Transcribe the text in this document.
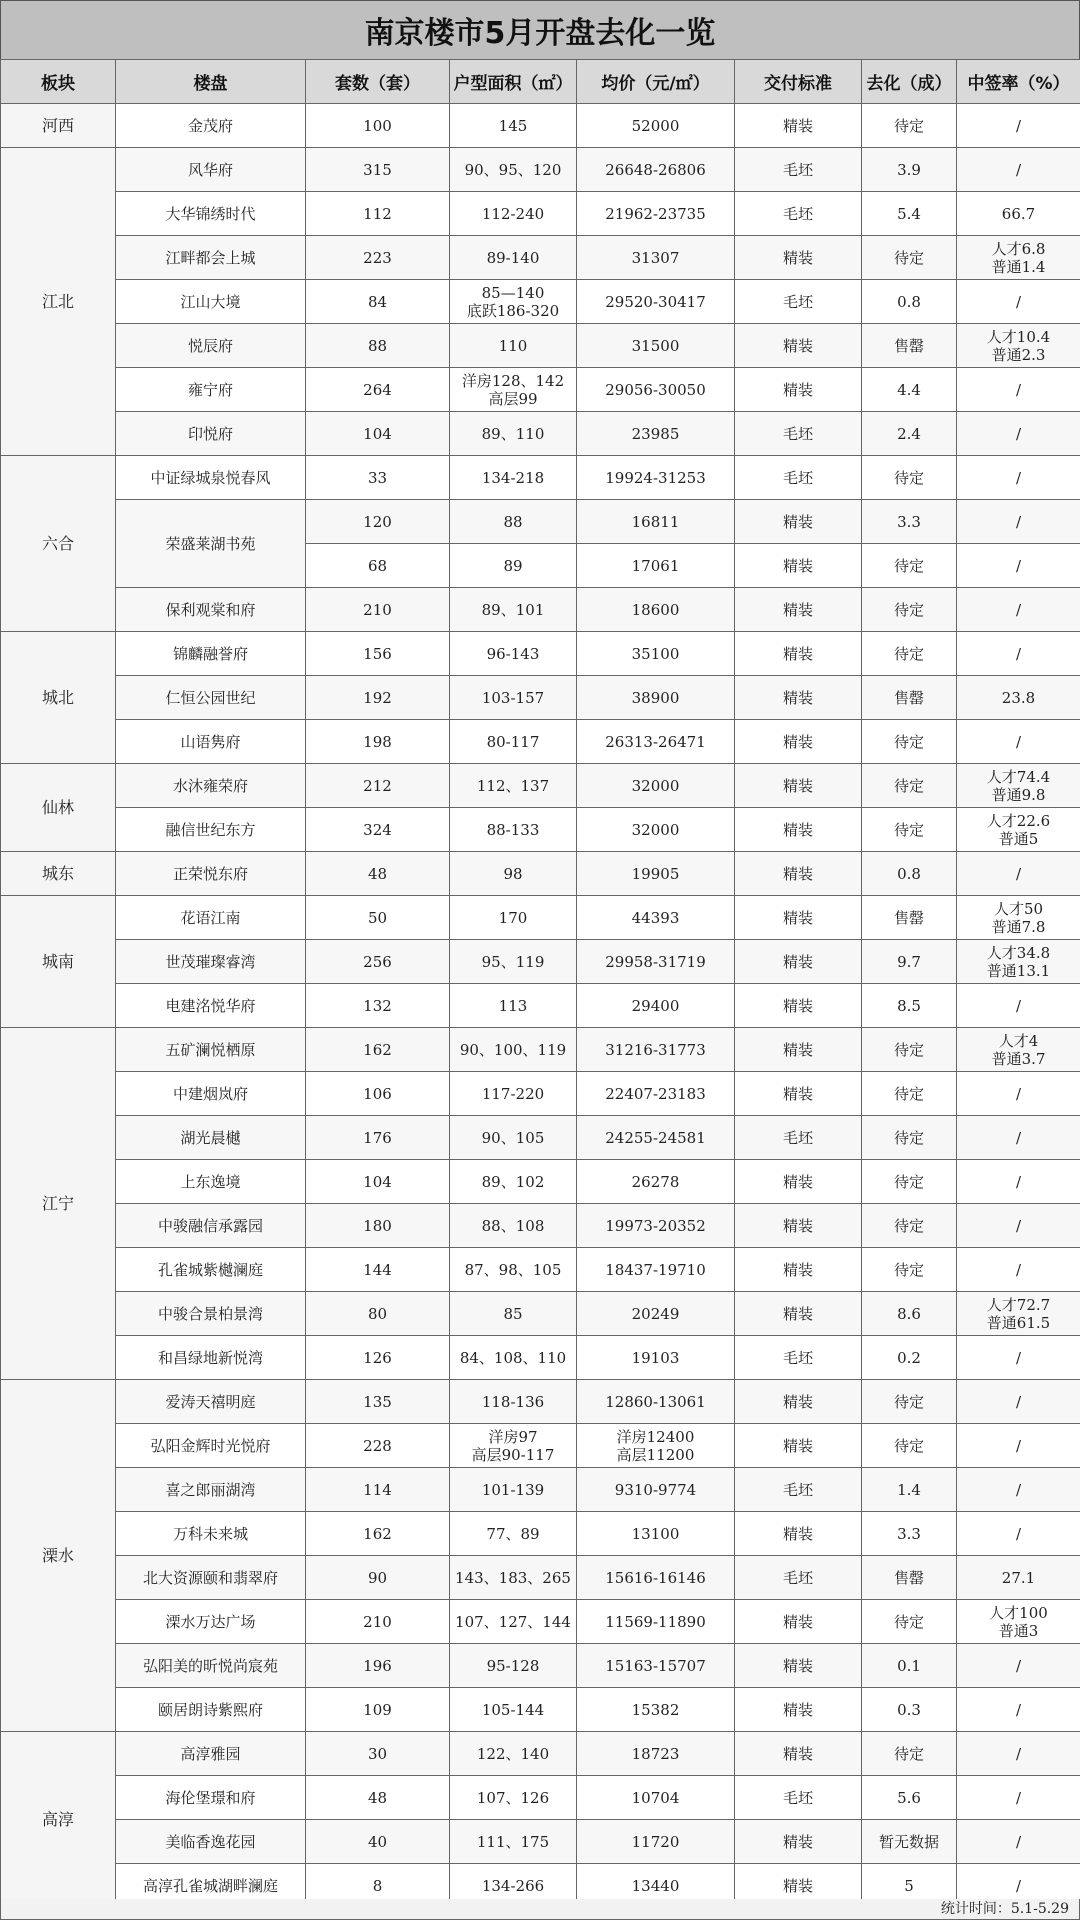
南京楼市5月开盘去化一览
板块	楼盘	套数（套）	户型面积（㎡）	均价（元/㎡）	交付标准	去化（成）	中签率（%）
河西	金茂府	100	145	52000	精装	待定	/
江北	风华府	315	90、95、120	26648-26806	毛坯	3.9	/
	大华锦绣时代	112	112-240	21962-23735	毛坯	5.4	66.7
	江畔都会上城	223	89-140	31307	精装	待定	人才6.8
普通1.4
	江山大境	84	85—140
底跃186-320	29520-30417	毛坯	0.8	/
	悦辰府	88	110	31500	精装	售罄	人才10.4
普通2.3
	雍宁府	264	洋房128、142
高层99	29056-30050	精装	4.4	/
	印悦府	104	89、110	23985	毛坯	2.4	/
六合	中证绿城泉悦春风	33	134-218	19924-31253	毛坯	待定	/
	荣盛莱湖书苑	120	88	16811	精装	3.3	/
		68	89	17061	精装	待定	/
	保利观棠和府	210	89、101	18600	精装	待定	/
城北	锦麟融誉府	156	96-143	35100	精装	待定	/
	仁恒公园世纪	192	103-157	38900	精装	售罄	23.8
	山语隽府	198	80-117	26313-26471	精装	待定	/
仙林	水沐雍荣府	212	112、137	32000	精装	待定	人才74.4
普通9.8
	融信世纪东方	324	88-133	32000	精装	待定	人才22.6
普通5
城东	正荣悦东府	48	98	19905	精装	0.8	/
城南	花语江南	50	170	44393	精装	售罄	人才50
普通7.8
	世茂璀璨睿湾	256	95、119	29958-31719	精装	9.7	人才34.8
普通13.1
	电建洺悦华府	132	113	29400	精装	8.5	/
江宁	五矿澜悦栖原	162	90、100、119	31216-31773	精装	待定	人才4
普通3.7
	中建烟岚府	106	117-220	22407-23183	精装	待定	/
	湖光晨樾	176	90、105	24255-24581	毛坯	待定	/
	上东逸境	104	89、102	26278	精装	待定	/
	中骏融信承露园	180	88、108	19973-20352	精装	待定	/
	孔雀城紫樾澜庭	144	87、98、105	18437-19710	精装	待定	/
	中骏合景柏景湾	80	85	20249	精装	8.6	人才72.7
普通61.5
	和昌绿地新悦湾	126	84、108、110	19103	毛坯	0.2	/
溧水	爱涛天禧明庭	135	118-136	12860-13061	精装	待定	/
	弘阳金辉时光悦府	228	洋房97
高层90-117	洋房12400
高层11200	精装	待定	/
	喜之郎丽湖湾	114	101-139	9310-9774	毛坯	1.4	/
	万科未来城	162	77、89	13100	精装	3.3	/
	北大资源颐和翡翠府	90	143、183、265	15616-16146	毛坯	售罄	27.1
	溧水万达广场	210	107、127、144	11569-11890	精装	待定	人才100
普通3
	弘阳美的昕悦尚宸苑	196	95-128	15163-15707	精装	0.1	/
	颐居朗诗紫熙府	109	105-144	15382	精装	0.3	/
高淳	高淳雅园	30	122、140	18723	精装	待定	/
	海伦堡璟和府	48	107、126	10704	毛坯	5.6	/
	美临香逸花园	40	111、175	11720	精装	暂无数据	/
	高淳孔雀城湖畔澜庭	8	134-266	13440	精装	5	/
统计时间：5.1-5.29
